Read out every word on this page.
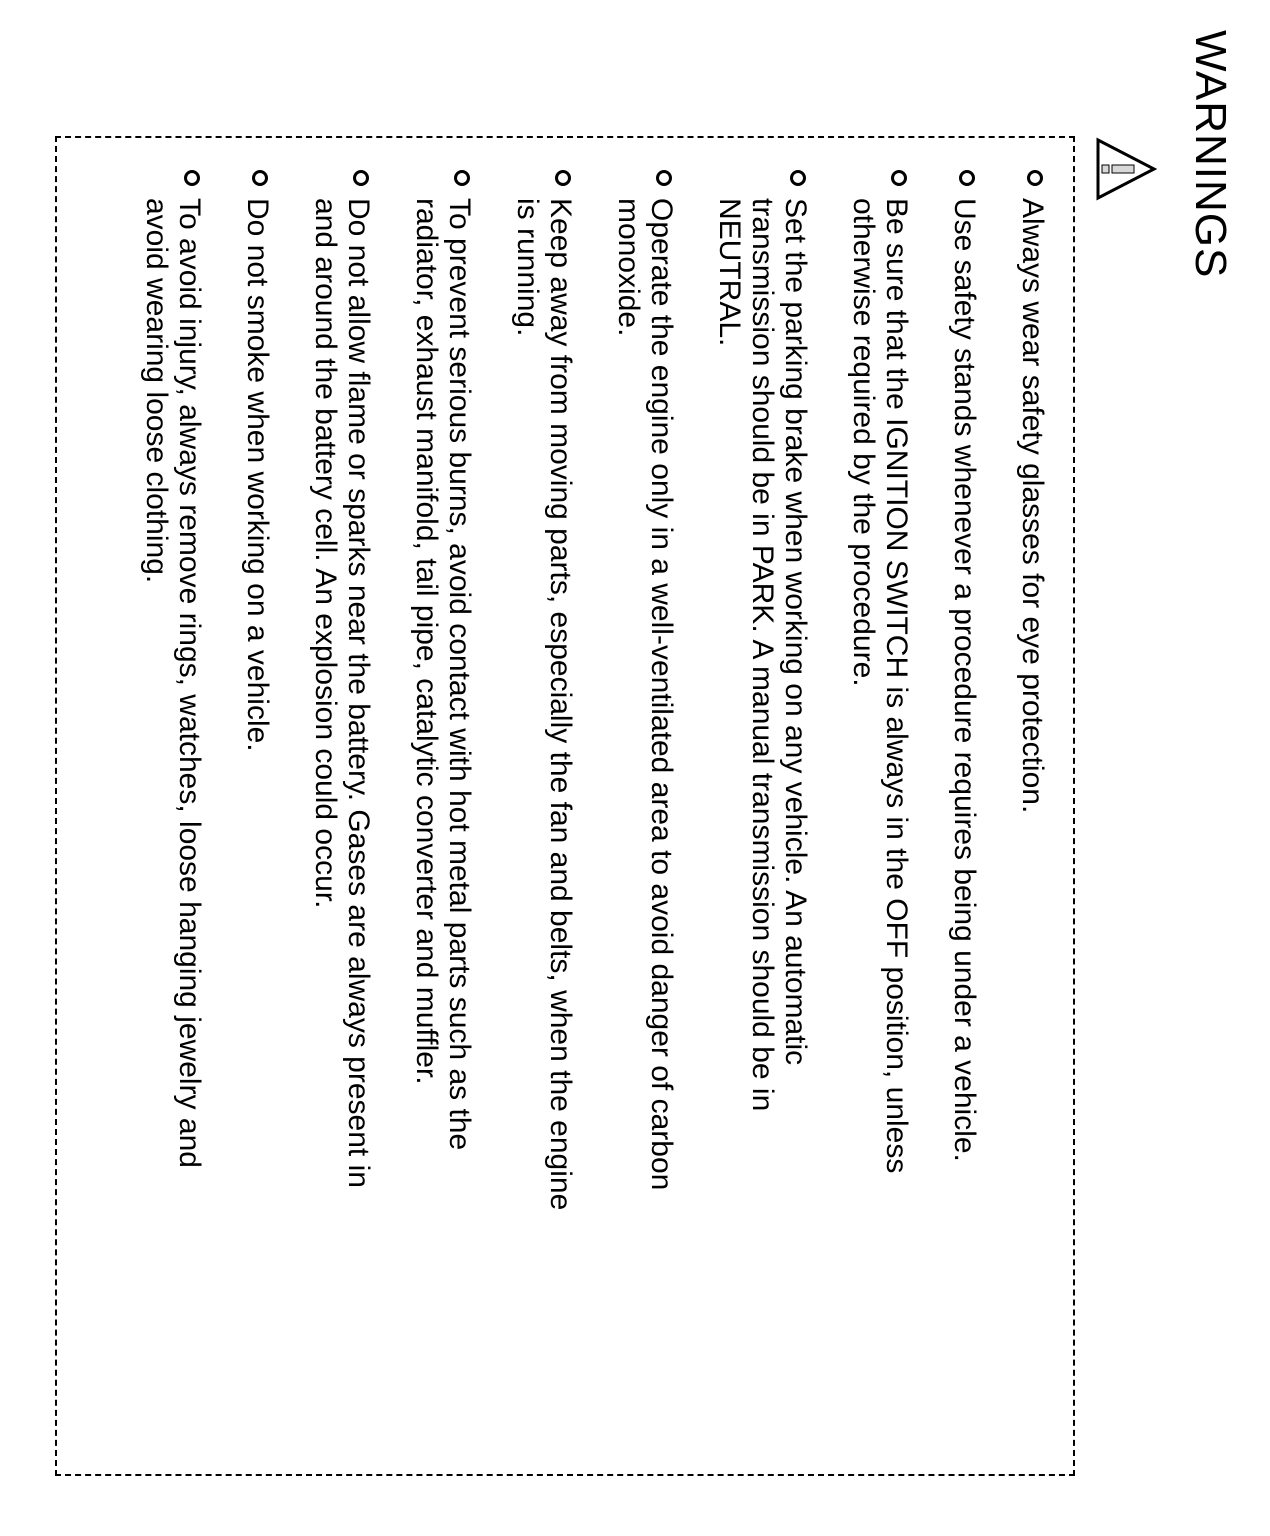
WARNINGS
Always wear safety glasses for eye protection.
Use safety stands whenever a procedure requires being under a vehicle.
Be sure that the IGNITION SWITCH is always in the OFF position, unless otherwise required by the procedure.
Set the parking brake when working on any vehicle. An automatic transmission should be in PARK. A manual transmission should be in NEUTRAL.
Operate the engine only in a well-ventilated area to avoid danger of carbon monoxide.
Keep away from moving parts, especially the fan and belts, when the engine is running.
To prevent serious burns, avoid contact with hot metal parts such as the radiator, exhaust manifold, tail pipe, catalytic converter and muffler.
Do not allow flame or sparks near the battery. Gases are always present in and around the battery cell. An explosion could occur.
Do not smoke when working on a vehicle.
To avoid injury, always remove rings, watches, loose hanging jewelry and avoid wearing loose clothing.
